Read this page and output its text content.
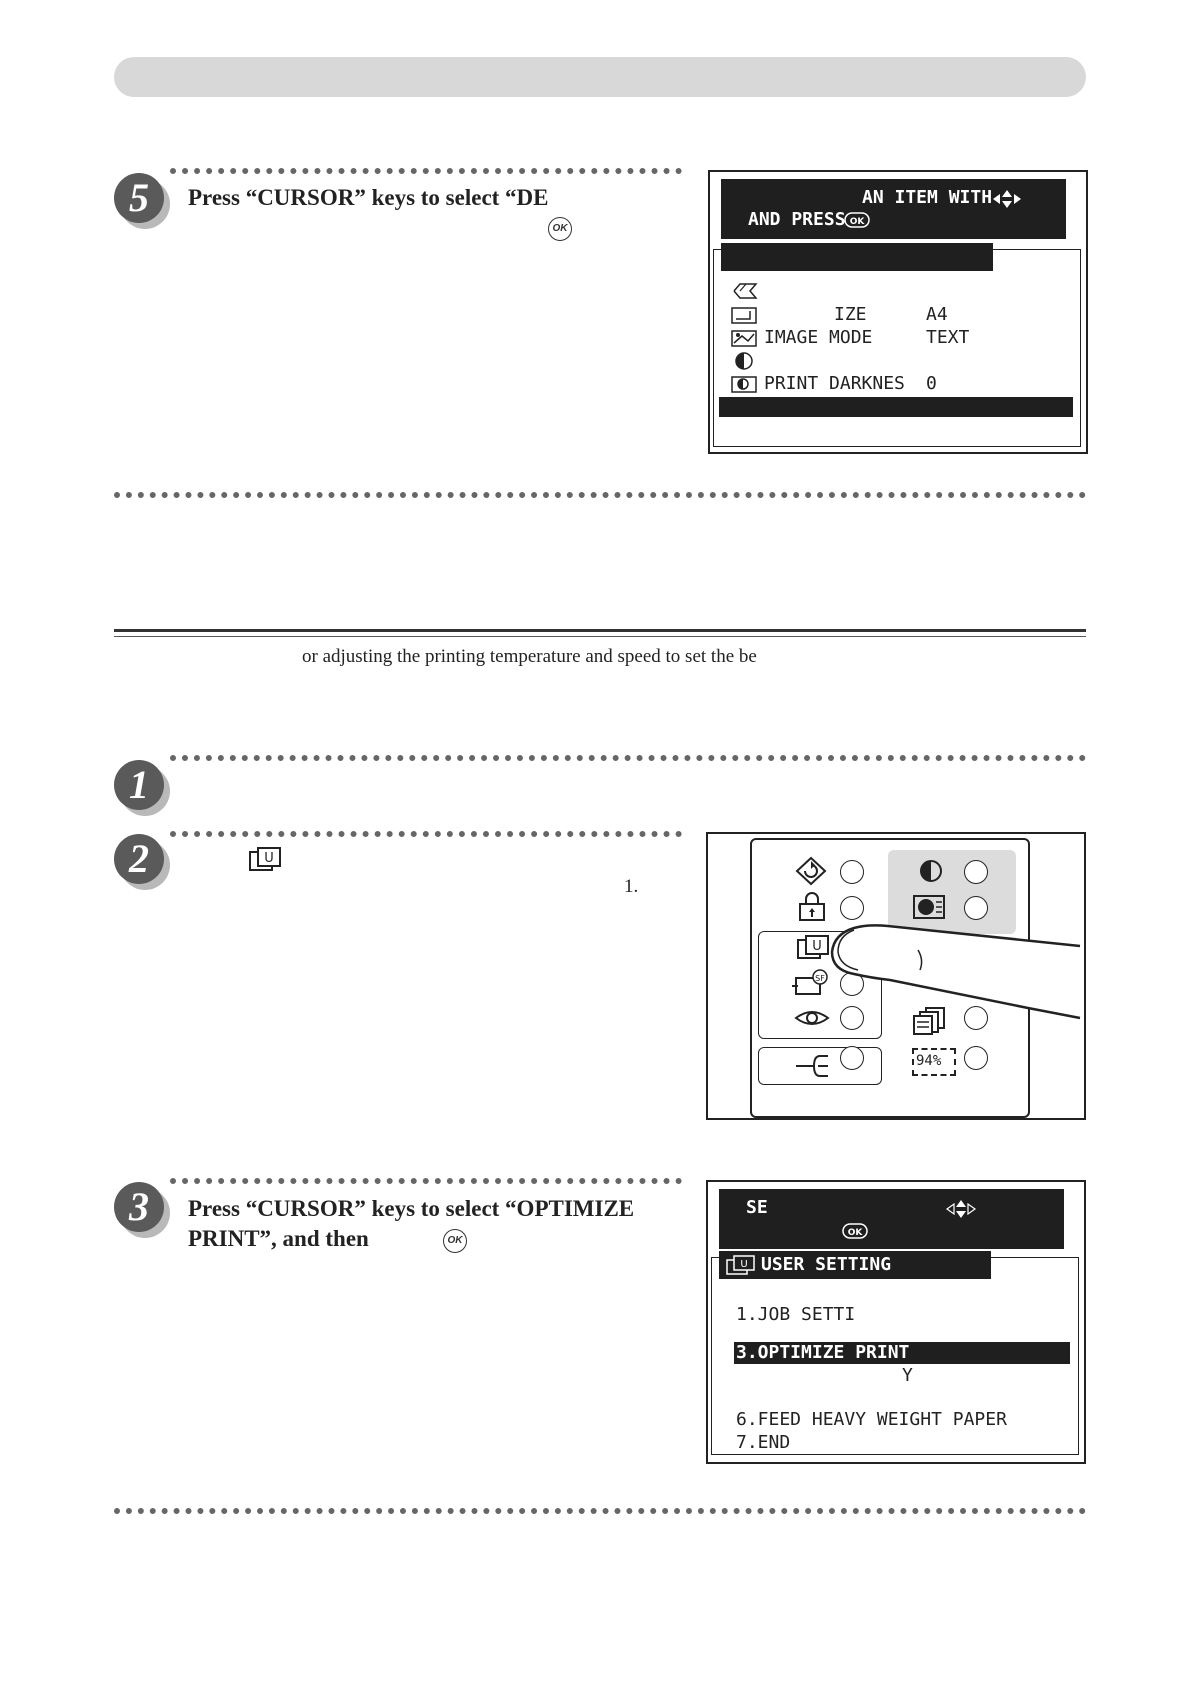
5	Press “CURSOR” keys to select “DE
OK
AN ITEM WITH
AND PRESS OK
IZE	A4
IMAGE MODE	TEXT
PRINT DARKNES 0
or adjusting the printing temperature and speed to set the be
1
2	U
1.
U
SF
94%
3	Press “CURSOR” keys to select “OPTIMIZE
PRINT”, and then	OK
SE
OK
U USER SETTING
1.JOB SETTI
3.OPTIMIZE PRINT
Y
6.FEED HEAVY WEIGHT PAPER
7.END
